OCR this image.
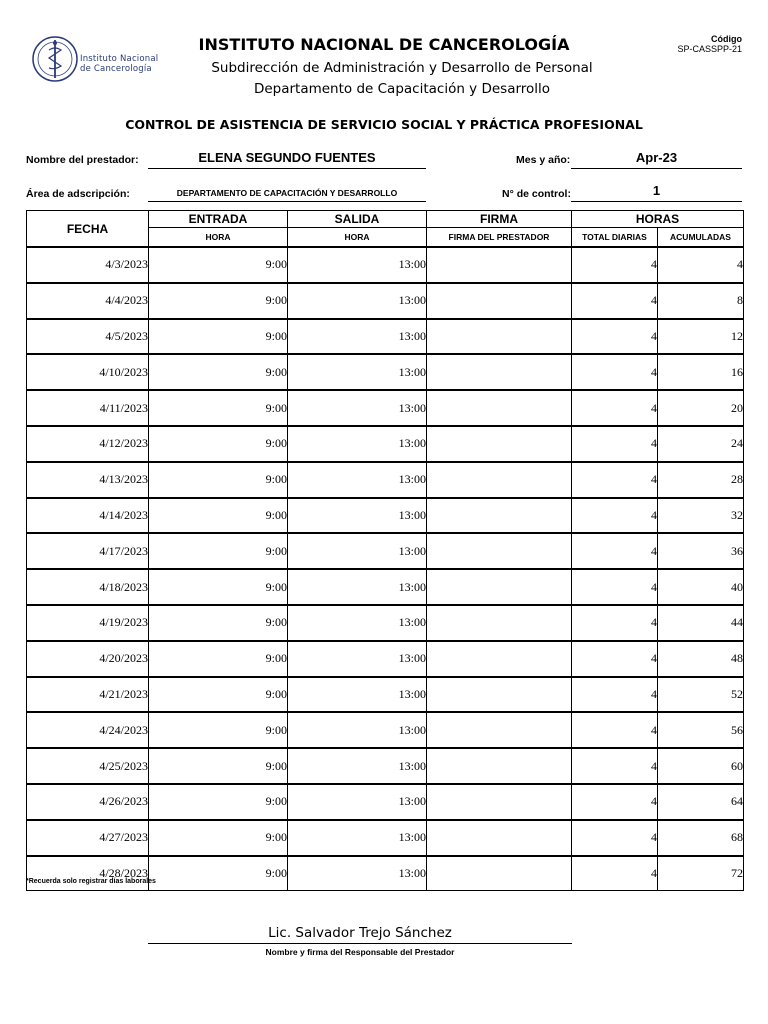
Instituto Nacional
de Cancerología
INSTITUTO NACIONAL DE CANCEROLOGÍA
Subdirección de Administración y Desarrollo de Personal
Departamento de Capacitación y Desarrollo
Código
SP-CASSPP-21
CONTROL DE ASISTENCIA DE SERVICIO SOCIAL Y PRÁCTICA PROFESIONAL
Nombre del prestador:	ELENA SEGUNDO FUENTES	Mes y año:	Apr-23
Área de adscripción:	DEPARTAMENTO DE CAPACITACIÓN Y DESARROLLO	N° de control:	1
FECHA	ENTRADA	SALIDA	FIRMA	HORAS	
	HORA	HORA	FIRMA DEL PRESTADOR	TOTAL DIARIAS	ACUMULADAS
4/3/2023	9:00	13:00		4	4
4/4/2023	9:00	13:00		4	8
4/5/2023	9:00	13:00		4	12
4/10/2023	9:00	13:00		4	16
4/11/2023	9:00	13:00		4	20
4/12/2023	9:00	13:00		4	24
4/13/2023	9:00	13:00		4	28
4/14/2023	9:00	13:00		4	32
4/17/2023	9:00	13:00		4	36
4/18/2023	9:00	13:00		4	40
4/19/2023	9:00	13:00		4	44
4/20/2023	9:00	13:00		4	48
4/21/2023	9:00	13:00		4	52
4/24/2023	9:00	13:00		4	56
4/25/2023	9:00	13:00		4	60
4/26/2023	9:00	13:00		4	64
4/27/2023	9:00	13:00		4	68
4/28/2023	9:00	13:00		4	72
*Recuerda solo registrar días laborales
Lic. Salvador Trejo Sánchez
Nombre y firma del Responsable del Prestador
